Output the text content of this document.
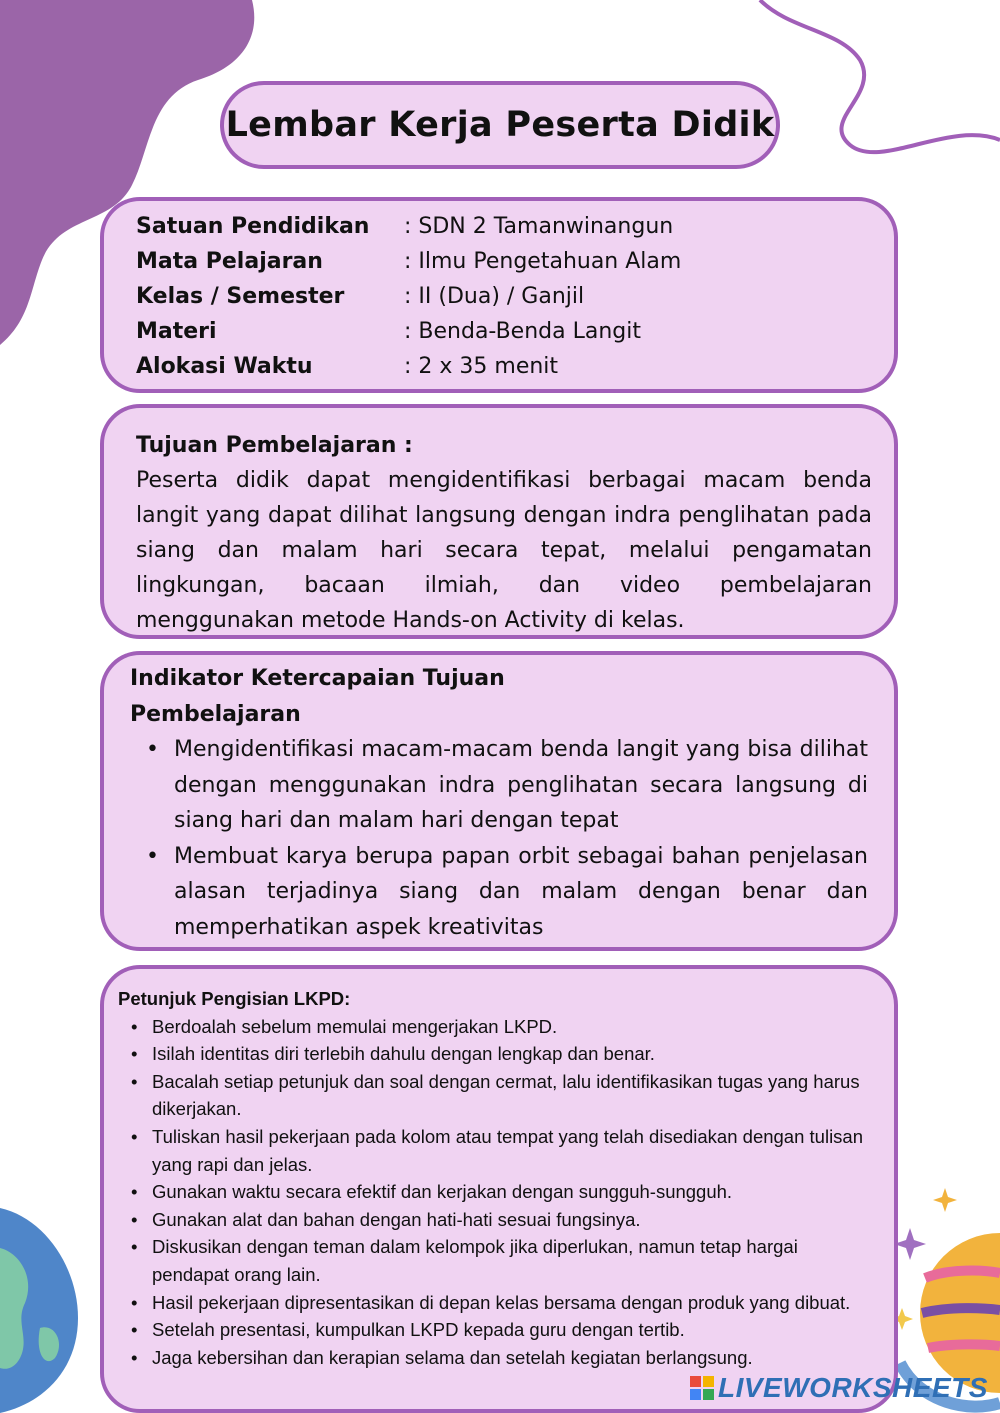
Lembar Kerja Peserta Didik
Satuan Pendidikan : SDN 2 Tamanwinangun
Mata Pelajaran	: Ilmu Pengetahuan Alam
Kelas / Semester	: II (Dua) / Ganjil
Materi	: Benda-Benda Langit
Alokasi Waktu	: 2 x 35 menit
Tujuan Pembelajaran :
Peserta didik dapat mengidentifikasi berbagai macam benda langit yang dapat dilihat langsung dengan indra penglihatan pada siang dan malam hari secara tepat, melalui pengamatan lingkungan, bacaan ilmiah, dan video pembelajaran menggunakan metode Hands-on Activity di kelas.
Indikator Ketercapaian Tujuan
Pembelajaran
• Mengidentifikasi macam-macam benda langit yang bisa dilihat dengan menggunakan indra penglihatan secara langsung di siang hari dan malam hari dengan tepat
• Membuat karya berupa papan orbit sebagai bahan penjelasan alasan terjadinya siang dan malam dengan benar dan memperhatikan aspek kreativitas
Petunjuk Pengisian LKPD:
• Berdoalah sebelum memulai mengerjakan LKPD.
• Isilah identitas diri terlebih dahulu dengan lengkap dan benar.
• Bacalah setiap petunjuk dan soal dengan cermat, lalu identifikasikan tugas yang harus dikerjakan.
• Tuliskan hasil pekerjaan pada kolom atau tempat yang telah disediakan dengan tulisan yang rapi dan jelas.
• Gunakan waktu secara efektif dan kerjakan dengan sungguh-sungguh.
• Gunakan alat dan bahan dengan hati-hati sesuai fungsinya.
• Diskusikan dengan teman dalam kelompok jika diperlukan, namun tetap hargai pendapat orang lain.
• Hasil pekerjaan dipresentasikan di depan kelas bersama dengan produk yang dibuat.
• Setelah presentasi, kumpulkan LKPD kepada guru dengan tertib.
• Jaga kebersihan dan kerapian selama dan setelah kegiatan berlangsung.
LIVEWORKSHEETS
